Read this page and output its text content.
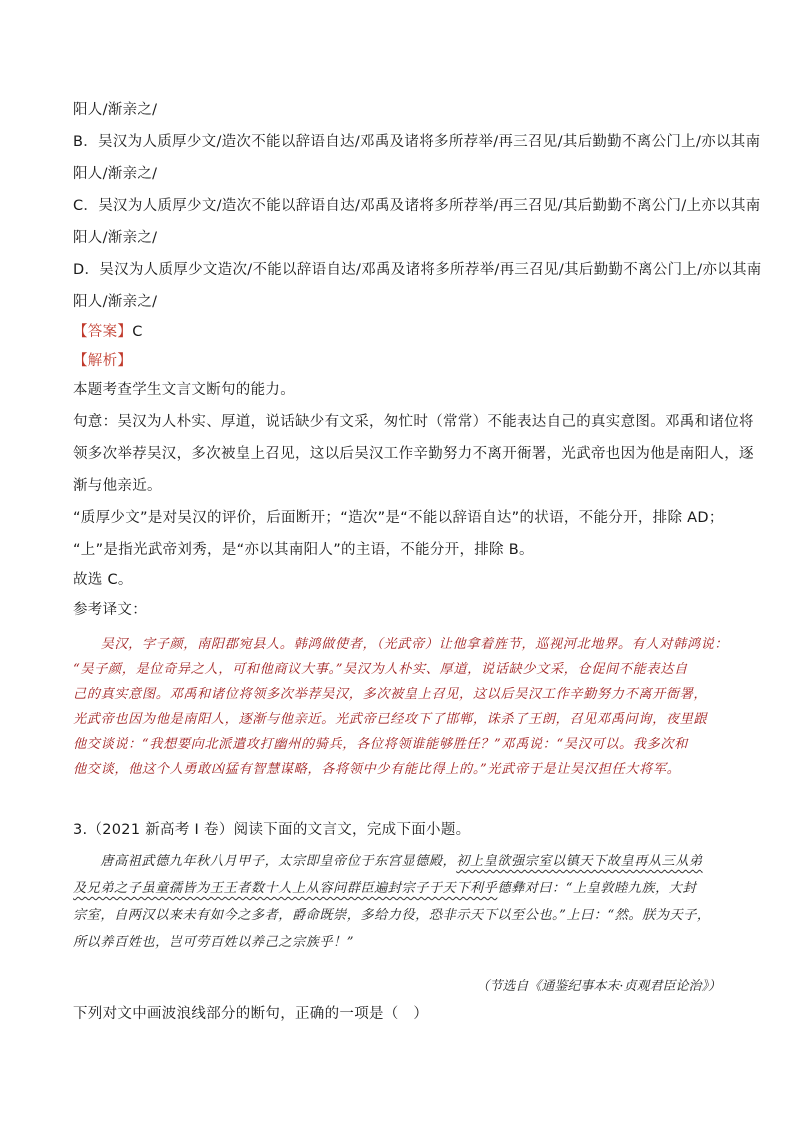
阳人/渐亲之/

B．吴汉为人质厚少文/造次不能以辞语自达/邓禹及诸将多所荐举/再三召见/其后勤勤不离公门上/亦以其南

阳人/渐亲之/

C．吴汉为人质厚少文/造次不能以辞语自达/邓禹及诸将多所荐举/再三召见/其后勤勤不离公门/上亦以其南

阳人/渐亲之/

D．吴汉为人质厚少文造次/不能以辞语自达/邓禹及诸将多所荐举/再三召见/其后勤勤不离公门上/亦以其南

阳人/渐亲之/

【答案】C

【解析】

本题考查学生文言文断句的能力。

句意：吴汉为人朴实、厚道，说话缺少有文采，匆忙时（常常）不能表达自己的真实意图。邓禹和诸位将

领多次举荐吴汉，多次被皇上召见，这以后吴汉工作辛勤努力不离开衙署，光武帝也因为他是南阳人，逐

渐与他亲近。

“质厚少文”是对吴汉的评价，后面断开；“造次”是“不能以辞语自达”的状语，不能分开，排除 AD；

“上”是指光武帝刘秀，是“亦以其南阳人”的主语，不能分开，排除 B。

故选 C。

参考译文：

　　吴汉，字子颜，南阳郡宛县人。韩鸿做使者，（光武帝）让他拿着旌节，巡视河北地界。有人对韩鸿说：
“吴子颜，是位奇异之人，可和他商议大事。”吴汉为人朴实、厚道，说话缺少文采，仓促间不能表达自
己的真实意图。邓禹和诸位将领多次举荐吴汉，多次被皇上召见，这以后吴汉工作辛勤努力不离开衙署，
光武帝也因为他是南阳人，逐渐与他亲近。光武帝已经攻下了邯郸，诛杀了王朗，召见邓禹问询，夜里跟
他交谈说：“我想要向北派遣攻打幽州的骑兵，各位将领谁能够胜任？”邓禹说：“吴汉可以。我多次和
他交谈，他这个人勇敢凶猛有智慧谋略，各将领中少有能比得上的。”光武帝于是让吴汉担任大将军。

3.（2021 新高考 I 卷）阅读下面的文言文，完成下面小题。

　　唐高祖武德九年秋八月甲子，太宗即皇帝位于东宫显德殿，初上皇欲强宗室以镇天下故皇再从三从弟
及兄弟之子虽童孺皆为王王者数十人上从容问群臣遍封宗子于天下利乎德彝对曰：“上皇敦睦九族，大封
宗室，自两汉以来未有如今之多者，爵命既崇，多给力役，恐非示天下以至公也。”上曰：“然。朕为天子，
所以养百姓也，岂可劳百姓以养己之宗族乎！”
（节选自《通鉴纪事本末·贞观君臣论治》）

下列对文中画波浪线部分的断句，正确的一项是（　）
